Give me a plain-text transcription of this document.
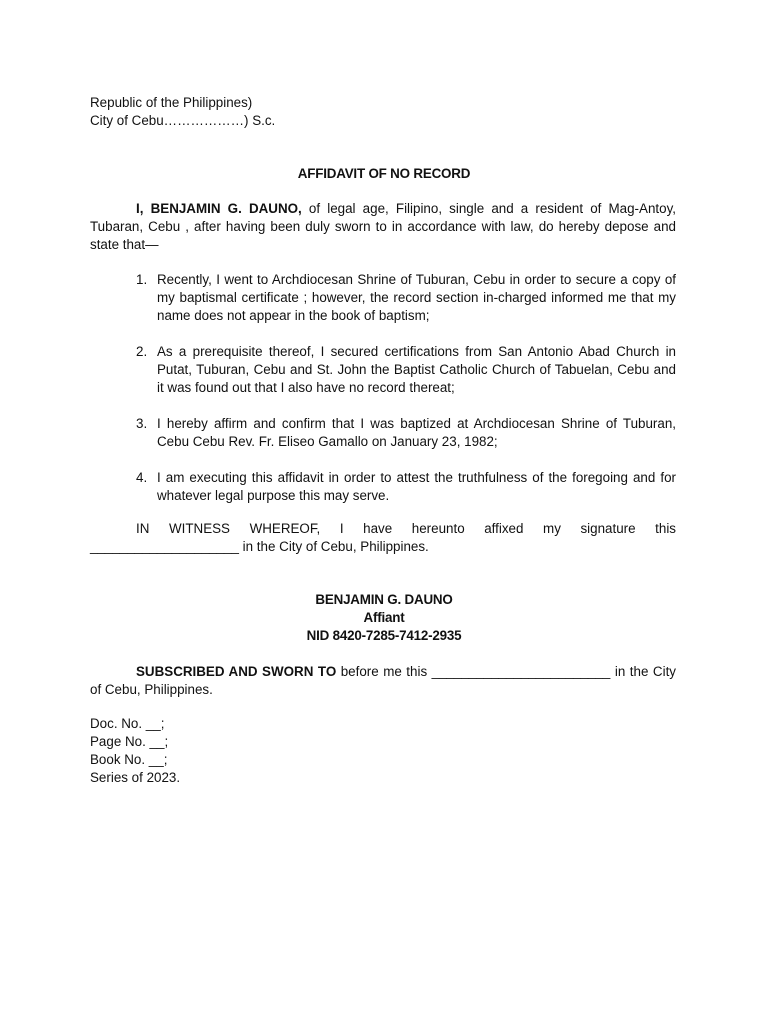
Republic of the Philippines)
City of Cebu………………) S.c.
AFFIDAVIT OF NO RECORD
I, BENJAMIN G. DAUNO, of legal age, Filipino, single and a resident of Mag-Antoy, Tubaran, Cebu , after having been duly sworn to in accordance with law, do hereby depose and state that—
1. Recently, I went to Archdiocesan Shrine of Tuburan, Cebu in order to secure a copy of my baptismal certificate ; however, the record section in-charged informed me that my name does not appear in the book of baptism;
2. As a prerequisite thereof, I secured certifications from San Antonio Abad Church in Putat, Tuburan, Cebu and St. John the Baptist Catholic Church of Tabuelan, Cebu and it was found out that I also have no record thereat;
3. I hereby affirm and confirm that I was baptized at Archdiocesan Shrine of Tuburan, Cebu Cebu Rev. Fr. Eliseo Gamallo on January 23, 1982;
4. I am executing this affidavit in order to attest the truthfulness of the foregoing and for whatever legal purpose this may serve.
IN WITNESS WHEREOF, I have hereunto affixed my signature this ____________________ in the City of Cebu, Philippines.
BENJAMIN G. DAUNO
Affiant
NID 8420-7285-7412-2935
SUBSCRIBED AND SWORN TO before me this ________________________ in the City of Cebu, Philippines.
Doc. No. __;
Page No. __;
Book No. __;
Series of 2023.
